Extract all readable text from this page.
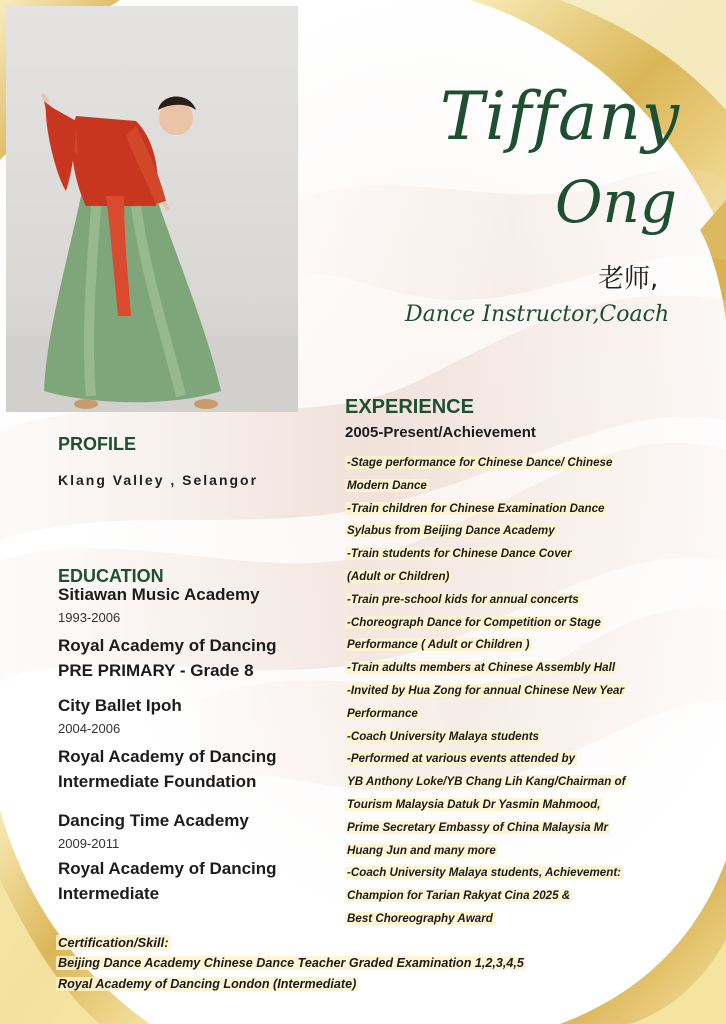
Tiffany
Ong
老师,
Dance Instructor,Coach
EXPERIENCE
2005-Present/Achievement
-Stage performance for Chinese Dance/ Chinese
Modern Dance
-Train children for Chinese Examination Dance
Sylabus from Beijing Dance Academy
-Train students for Chinese Dance Cover
(Adult or Children)
-Train pre-school kids for annual concerts
-Choreograph Dance for Competition or Stage
Performance ( Adult or Children )
-Train adults members at Chinese Assembly Hall
-Invited by Hua Zong for annual Chinese New Year
Performance
-Coach University Malaya students
-Performed at various events attended by
YB Anthony Loke/YB Chang Lih Kang/Chairman of
Tourism Malaysia Datuk Dr Yasmin Mahmood,
Prime Secretary Embassy of China Malaysia Mr
Huang Jun and many more
-Coach University Malaya students, Achievement:
Champion for Tarian Rakyat Cina 2025 &
Best Choreography Award
PROFILE
Klang Valley , Selangor
EDUCATION
Sitiawan Music Academy
1993-2006
Royal Academy of Dancing
PRE PRIMARY - Grade 8
City Ballet Ipoh
2004-2006
Royal Academy of Dancing
Intermediate Foundation
Dancing Time Academy
2009-2011
Royal Academy of Dancing
Intermediate
Certification/Skill:
Beijing Dance Academy Chinese Dance Teacher Graded Examination 1,2,3,4,5
Royal Academy of Dancing London (Intermediate)
